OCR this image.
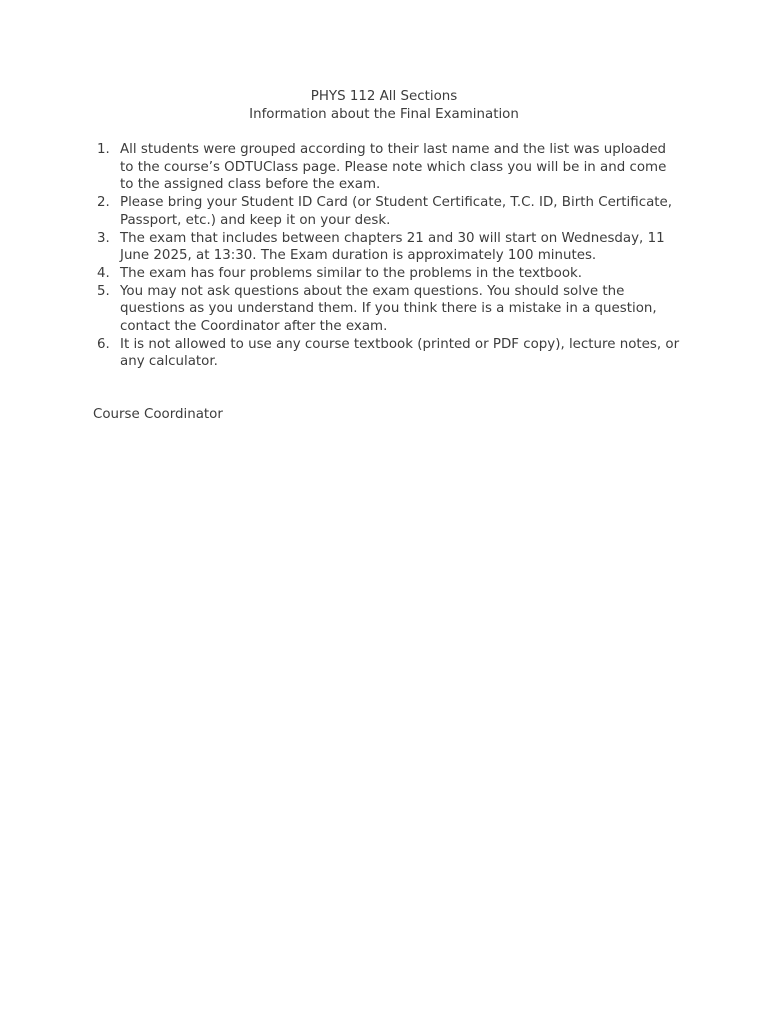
PHYS 112 All Sections
Information about the Final Examination
1. All students were grouped according to their last name and the list was uploaded to the course’s ODTUClass page. Please note which class you will be in and come to the assigned class before the exam.
2. Please bring your Student ID Card (or Student Certificate, T.C. ID, Birth Certificate, Passport, etc.) and keep it on your desk.
3. The exam that includes between chapters 21 and 30 will start on Wednesday, 11 June 2025, at 13:30. The Exam duration is approximately 100 minutes.
4. The exam has four problems similar to the problems in the textbook.
5. You may not ask questions about the exam questions. You should solve the questions as you understand them. If you think there is a mistake in a question, contact the Coordinator after the exam.
6. It is not allowed to use any course textbook (printed or PDF copy), lecture notes, or any calculator.
Course Coordinator
